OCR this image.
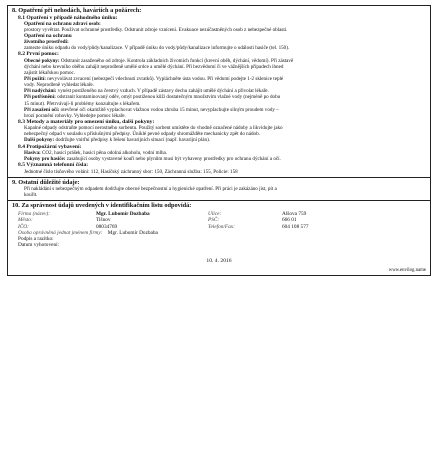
8. Opatření při nehodách, haváriích a požárech:
8.1 Opatření v případě náhodného úniku:
Opatření na ochranu zdraví osob:
prostory vyvětrat. Používat ochranné prostředky. Odstranit zdroje vznícení. Evakuace nezúčastněných osob z nebezpečné oblasti.
Opatření na ochranu
životního prostředí:
zamezte úniku odpadu do vody/půdy/kanalizace. V případě úniku do vody/půdy/kanalizace informujte o události hasiče (tel. 150).
8.2 První pomoc:
Obecné pokyny: Odstranit zasaženého od zdroje. Kontrola základních životních funkcí (krevní oběh, dýchání, vědomí). Při zástavě
dýchání nebo krevního oběhu zahájit neprodleně umělé srdce a umělé dýchání. Při bezvědomí či ve vážnějších případech ihned
zajistit lékařskou pomoc.
Při požití: nevyvolávat zvracení (nebezpečí vdechnutí zvratků). Vypláchněte ústa vodou. Při vědomí podejte 1-2 sklenice teplé
vody. Neprodleně vyhledat lékaře.
Při nadýchání: vynést postiženého na čerstvý vzduch. V případě zástavy dechu zahájit umělé dýchání a přivolat lékaře.
Při potřísnění: odstranit kontaminovaný oděv, omýt postiženou kůži dostatečným množstvím vlažné vody (nejméně po dobu
15 minut). Přetrvávají-li problémy konzultujte s lékařem.
Při zasažení očí: otevřené oči okamžitě vyplachovat vlažnou vodou zhruba 15 minut, nevyplachujte silným proudem vody –
hrozí poranění rohovky. Vyhledejte pomoc lékaře.
8.3 Metody a materiály pro omezení úniku, další pokyny:
Kapalné odpady odstraňte pomocí nerostného sorbentu. Použitý sorbent umístěte do vhodně označené nádoby a likvidujte jako
nebezpečný odpad v souladu s příslušnými předpisy. Úniklé pevné odpady shromážděte mechanicky zpět do nádob.
Další pokyny: dodržujte vnitřní předpisy k řešení havarijních situací (např. havarijní plán).
8.4 Protipožární vybavení:
Hasiva: CO2, hasicí prášek, hasicí pěna odolná alkoholu, vodní mlha.
Pokyny pro hasiče: zasahující osoby vystavené kouři nebo plynům musí být vybaveny prostředky pro ochranu dýchání a očí.
8.5 Významná telefonní čísla:
Jednotné číslo tísňového volání: 112, Hasičský záchranný sbor: 150, Záchranná služba: 155, Policie: 158
9. Ostatní důležité údaje:
Při nakládání s nebezpečným odpadem dodržujte obecné bezpečnostní a hygienické opatření. Při práci je zakázáno jíst, pít a
kouřit.
10. Za správnost údajů uvedených v identifikačním listu odpovídá:
Firma (název):	Mgr. Lubomír Dozbaba	Ulice:	Alšova 759
Město:	Tišnov	PSČ:	666 01
IČO:	08034769	Telefon/Fax:	604 108 577
Osoba oprávněná jednat jménem firmy: Mgr. Lubomír Dozbaba
Podpis a razítko:
Datum vyhotovení:
10. 4. 2016
www.envilog.name
